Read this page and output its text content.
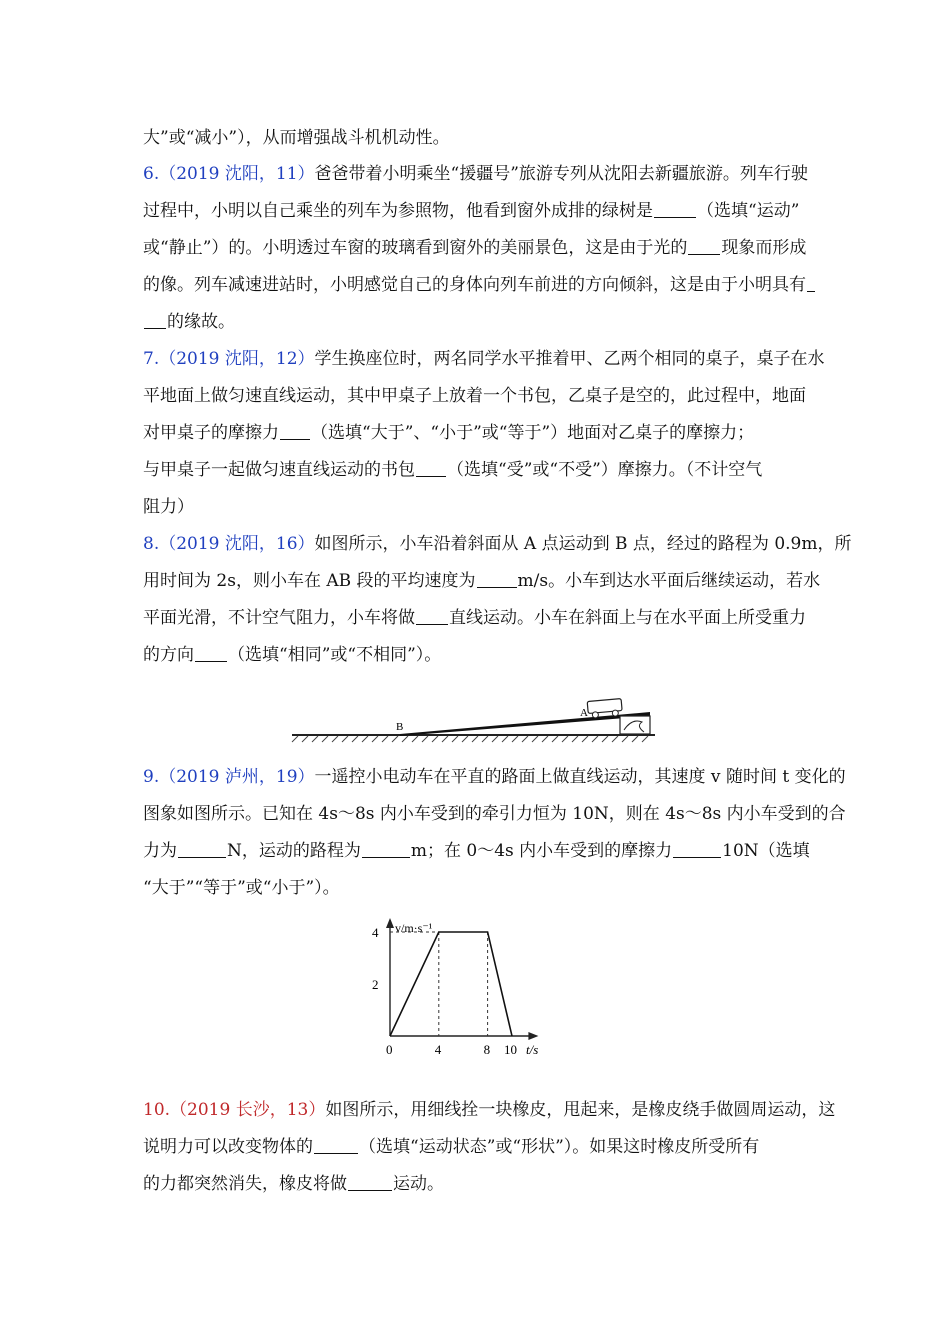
大”或“减小”），从而增强战斗机机动性。
6.（2019 沈阳，11）爸爸带着小明乘坐“援疆号”旅游专列从沈阳去新疆旅游。列车行驶
过程中，小明以自己乘坐的列车为参照物，他看到窗外成排的绿树是	（选填“运动”
或“静止”）的。小明透过车窗的玻璃看到窗外的美丽景色，这是由于光的 现象而形成
的像。列车减速进站时，小明感觉自己的身体向列车前进的方向倾斜，这是由于小明具有
的缘故。
7.（2019 沈阳，12）学生换座位时，两名同学水平推着甲、乙两个相同的桌子，桌子在水
平地面上做匀速直线运动，其中甲桌子上放着一个书包，乙桌子是空的，此过程中，地面
对甲桌子的摩擦力 （选填“大于”、“小于”或“等于”）地面对乙桌子的摩擦力；
与甲桌子一起做匀速直线运动的书包 （选填“受”或“不受”）摩擦力。（不计空气
阻力）
8.（2019 沈阳，16）如图所示，小车沿着斜面从 A 点运动到 B 点，经过的路程为 0.9m，所
用时间为 2s，则小车在 AB 段的平均速度为 m/s。小车到达水平面后继续运动，若水
平面光滑，不计空气阻力，小车将做 直线运动。小车在斜面上与在水平面上所受重力
的方向 （选填“相同”或“不相同”）。
A
B
9.（2019 泸州，19）一遥控小电动车在平直的路面上做直线运动，其速度 v 随时间 t 变化的
图象如图所示。已知在 4s～8s 内小车受到的牵引力恒为 10N，则在 4s～8s 内小车受到的合
力为	N，运动的路程为	m；在 0～4s 内小车受到的摩擦力	10N（选填
“大于”“等于”或“小于”）。
0	4	8 10
2
4 v/m·s⁻¹
t/s
10.（2019 长沙，13）如图所示，用细线拴一块橡皮，甩起来，是橡皮绕手做圆周运动，这
说明力可以改变物体的	（选填“运动状态”或“形状”）。如果这时橡皮所受所有
的力都突然消失，橡皮将做	运动。
